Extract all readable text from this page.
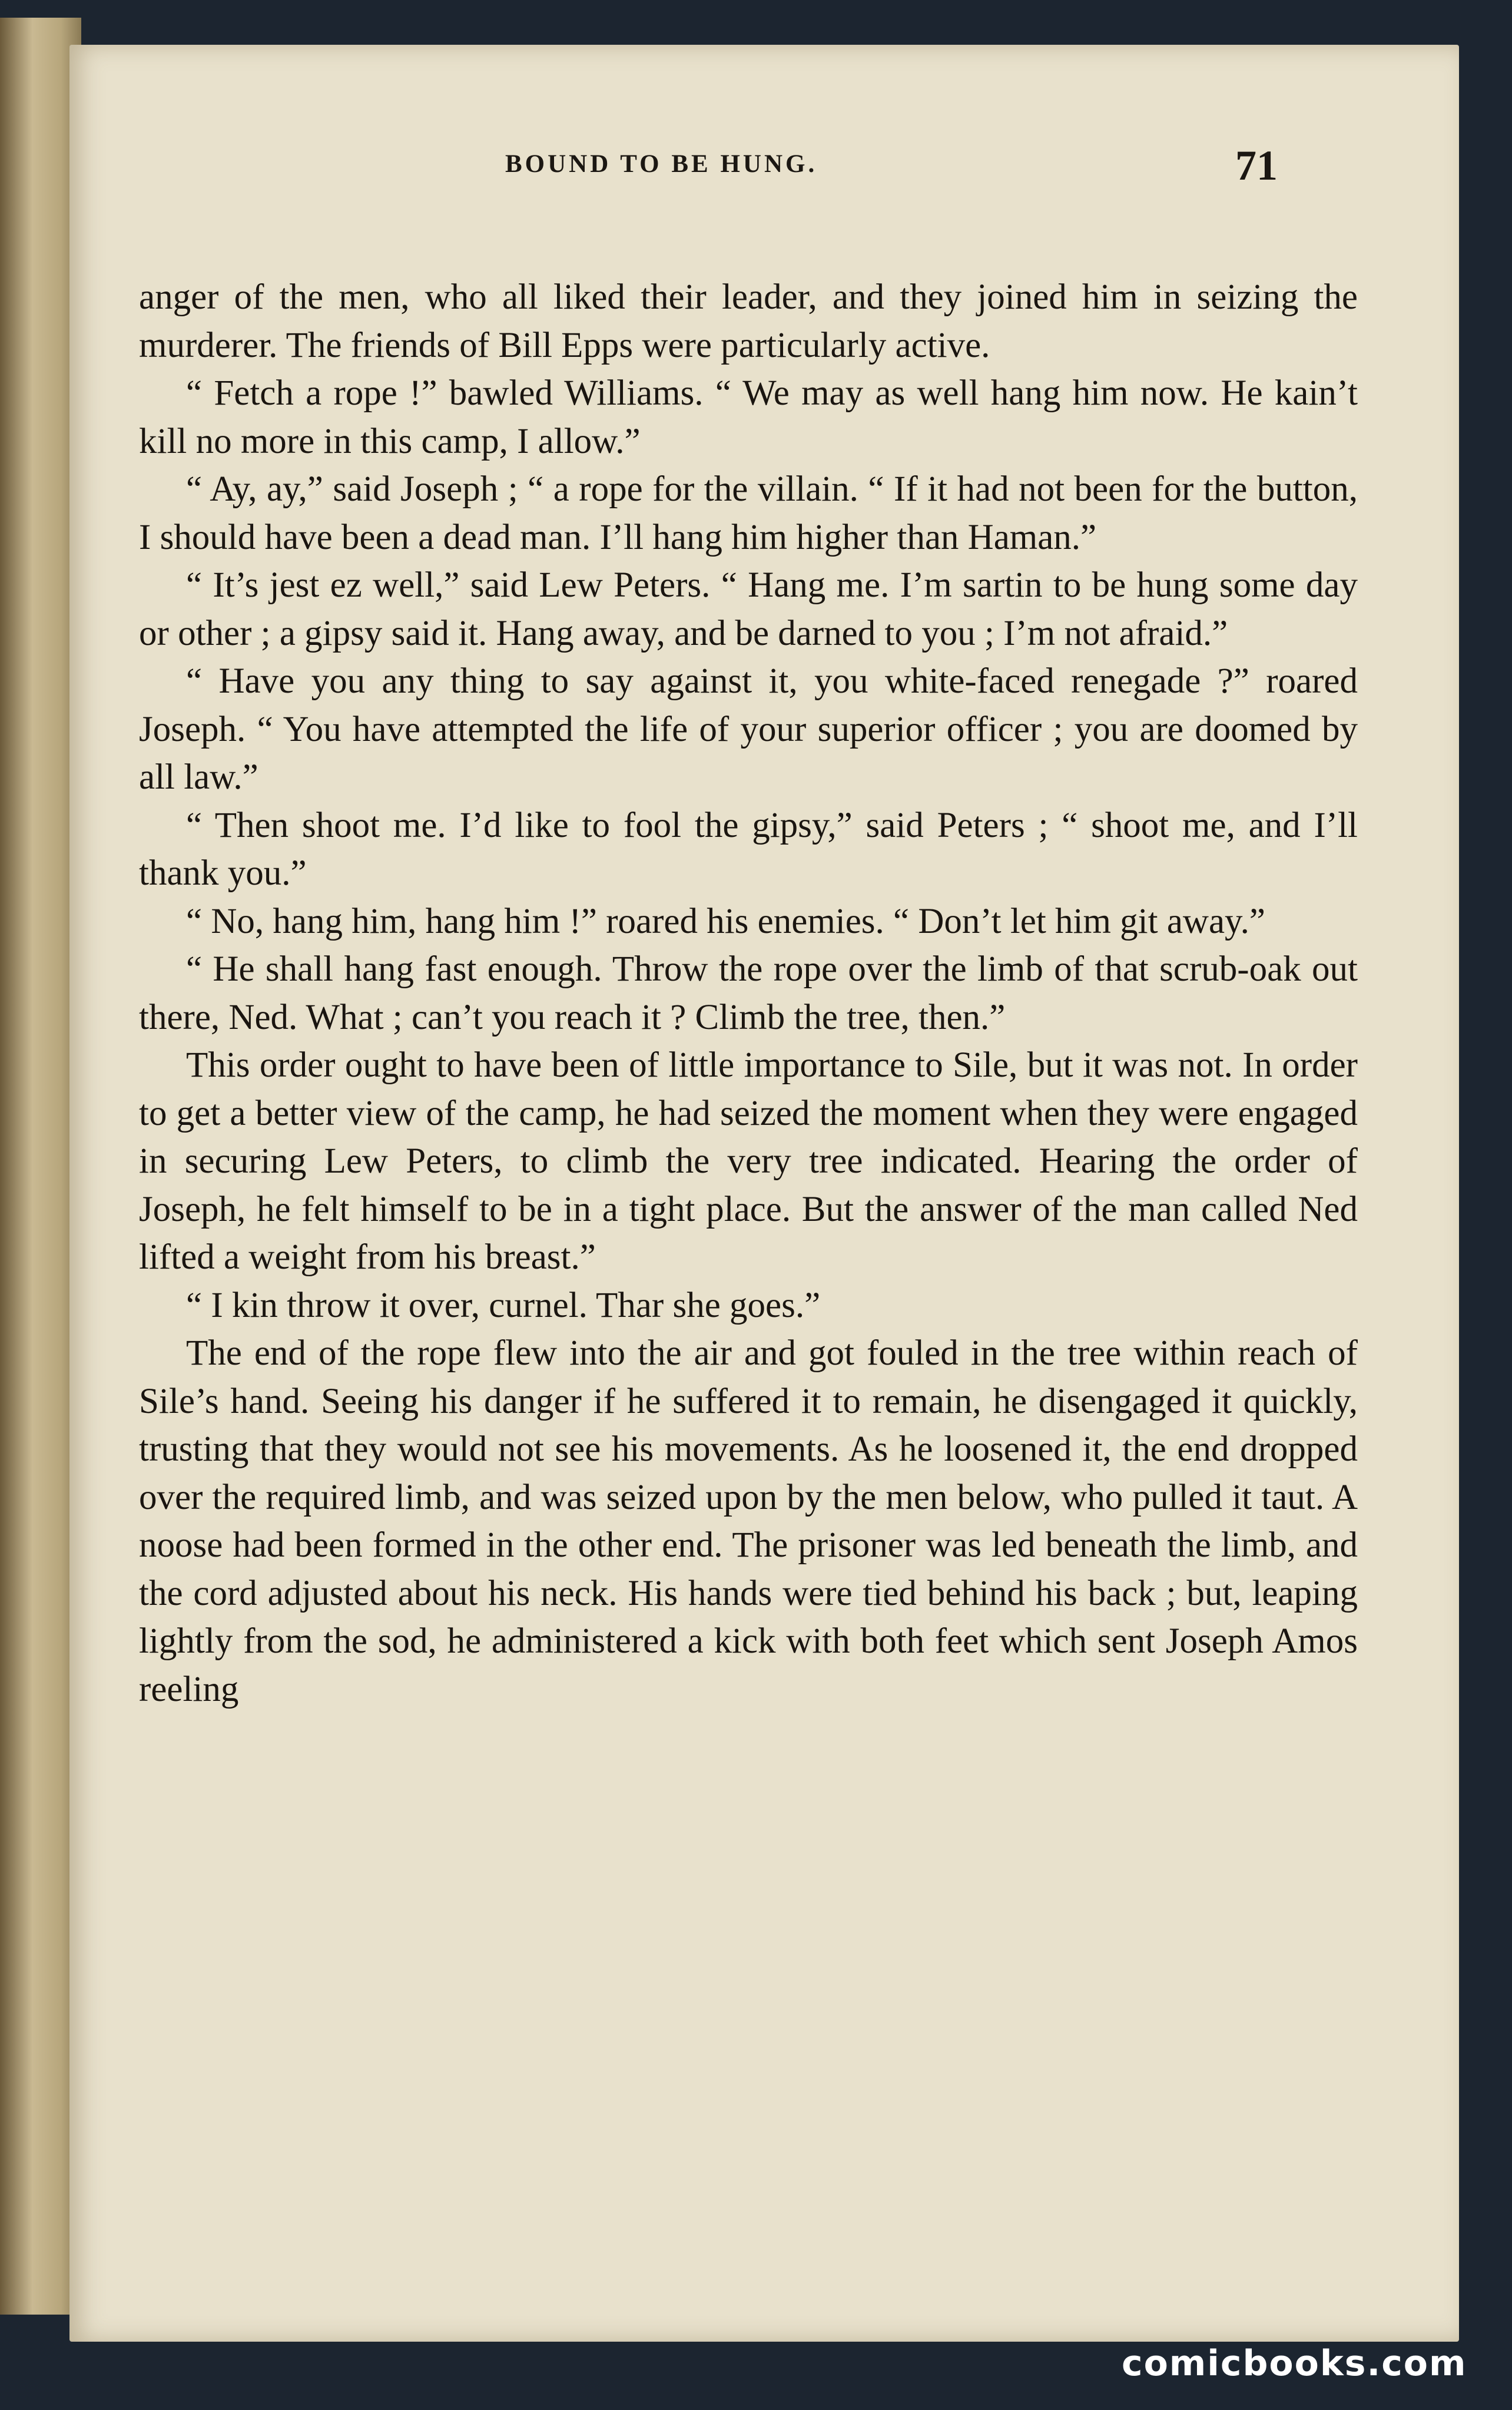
BOUND TO BE HUNG.	71

anger of the men, who all liked their leader, and they joined him in seizing the murderer. The friends of Bill Epps were particularly active.

“ Fetch a rope !” bawled Williams. “ We may as well hang him now. He kain’t kill no more in this camp, I allow.”

“ Ay, ay,” said Joseph ; “ a rope for the villain. “ If it had not been for the button, I should have been a dead man. I’ll hang him higher than Haman.”

“ It’s jest ez well,” said Lew Peters. “ Hang me. I’m sartin to be hung some day or other ; a gipsy said it. Hang away, and be darned to you ; I’m not afraid.”

“ Have you any thing to say against it, you white-faced renegade ?” roared Joseph. “ You have attempted the life of your superior officer ; you are doomed by all law.”

“ Then shoot me. I’d like to fool the gipsy,” said Peters ; “ shoot me, and I’ll thank you.”

“ No, hang him, hang him !” roared his enemies. “ Don’t let him git away.”

“ He shall hang fast enough. Throw the rope over the limb of that scrub-oak out there, Ned. What ; can’t you reach it ? Climb the tree, then.”

This order ought to have been of little importance to Sile, but it was not. In order to get a better view of the camp, he had seized the moment when they were engaged in securing Lew Peters, to climb the very tree indicated. Hearing the order of Joseph, he felt himself to be in a tight place. But the answer of the man called Ned lifted a weight from his breast.”

“ I kin throw it over, curnel. Thar she goes.”

The end of the rope flew into the air and got fouled in the tree within reach of Sile’s hand. Seeing his danger if he suffered it to remain, he disengaged it quickly, trusting that they would not see his movements. As he loosened it, the end dropped over the required limb, and was seized upon by the men below, who pulled it taut. A noose had been formed in the other end. The prisoner was led beneath the limb, and the cord adjusted about his neck. His hands were tied behind his back ; but, leaping lightly from the sod, he administered a kick with both feet which sent Joseph Amos reeling

comicbooks.com
